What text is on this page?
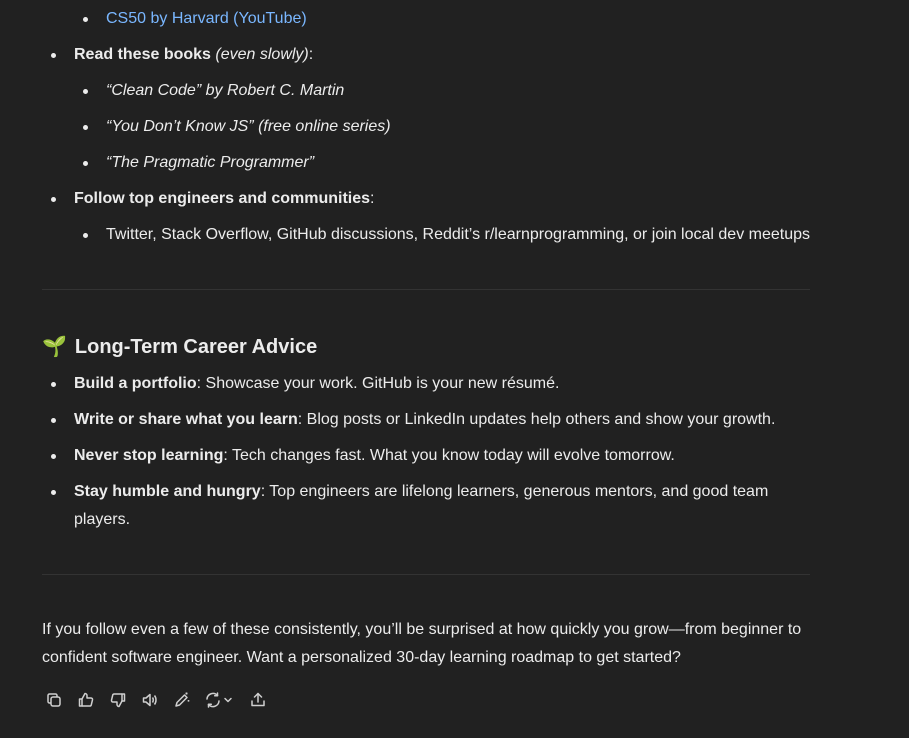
CS50 by Harvard (YouTube)
Read these books (even slowly):
“Clean Code” by Robert C. Martin
“You Don’t Know JS” (free online series)
“The Pragmatic Programmer”
Follow top engineers and communities:
Twitter, Stack Overflow, GitHub discussions, Reddit’s r/learnprogramming, or join local dev meetups
🌱 Long-Term Career Advice
Build a portfolio: Showcase your work. GitHub is your new résumé.
Write or share what you learn: Blog posts or LinkedIn updates help others and show your growth.
Never stop learning: Tech changes fast. What you know today will evolve tomorrow.
Stay humble and hungry: Top engineers are lifelong learners, generous mentors, and good team
players.
If you follow even a few of these consistently, you’ll be surprised at how quickly you grow—from beginner to
confident software engineer. Want a personalized 30-day learning roadmap to get started?
